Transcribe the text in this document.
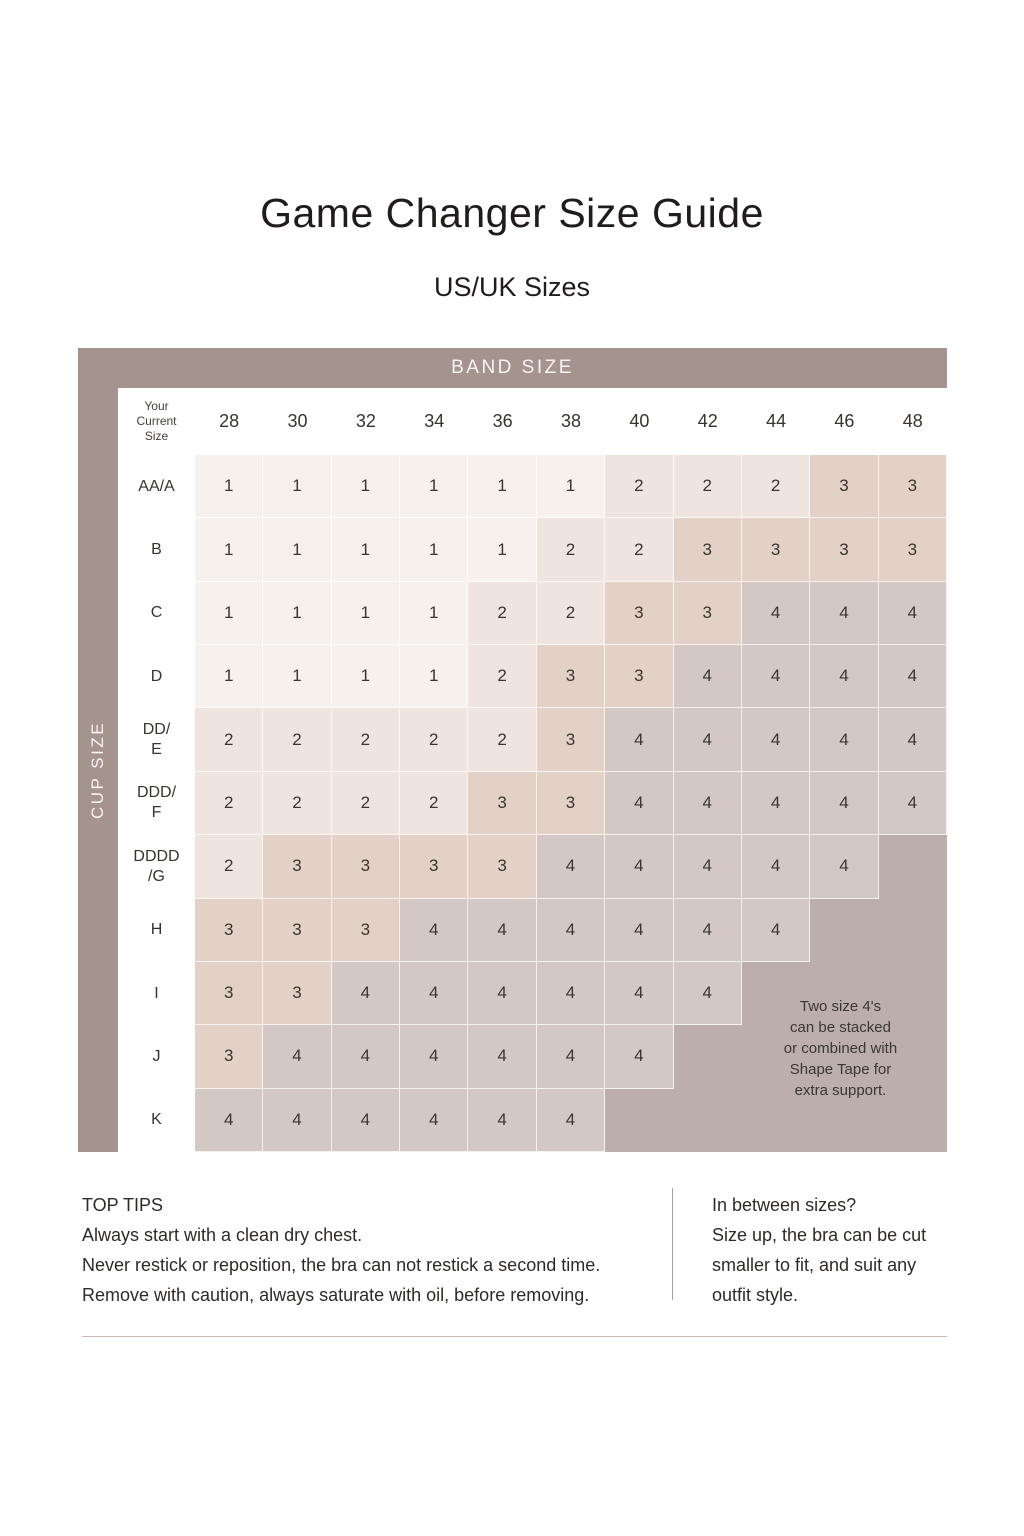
Game Changer Size Guide
US/UK Sizes
BAND SIZE
CUP SIZE
Your
Current
Size
28	30	32	34	36	38	40	42	44	46	48
AA/A	1	1	1	1	1	1	2	2	2	3	3
B	1	1	1	1	1	2	2	3	3	3	3
C	1	1	1	1	2	2	3	3	4	4	4
D	1	1	1	1	2	3	3	4	4	4	4
DD/
E
2	2	2	2	2	3	4	4	4	4	4
DDD/
F
2	2	2	2	3	3	4	4	4	4	4
DDDD
/G
2	3	3	3	3	4	4	4	4	4
H	3	3	3	4	4	4	4	4	4
I	3	3	4	4	4	4	4	4
J	3	4	4	4	4	4	4
K	4	4	4	4	4	4
Two size 4's
can be stacked
or combined with
Shape Tape for
extra support.
TOP TIPS
Always start with a clean dry chest.
Never restick or reposition, the bra can not restick a second time.
Remove with caution, always saturate with oil, before removing.
In between sizes?
Size up, the bra can be cut
smaller to fit, and suit any
outfit style.
